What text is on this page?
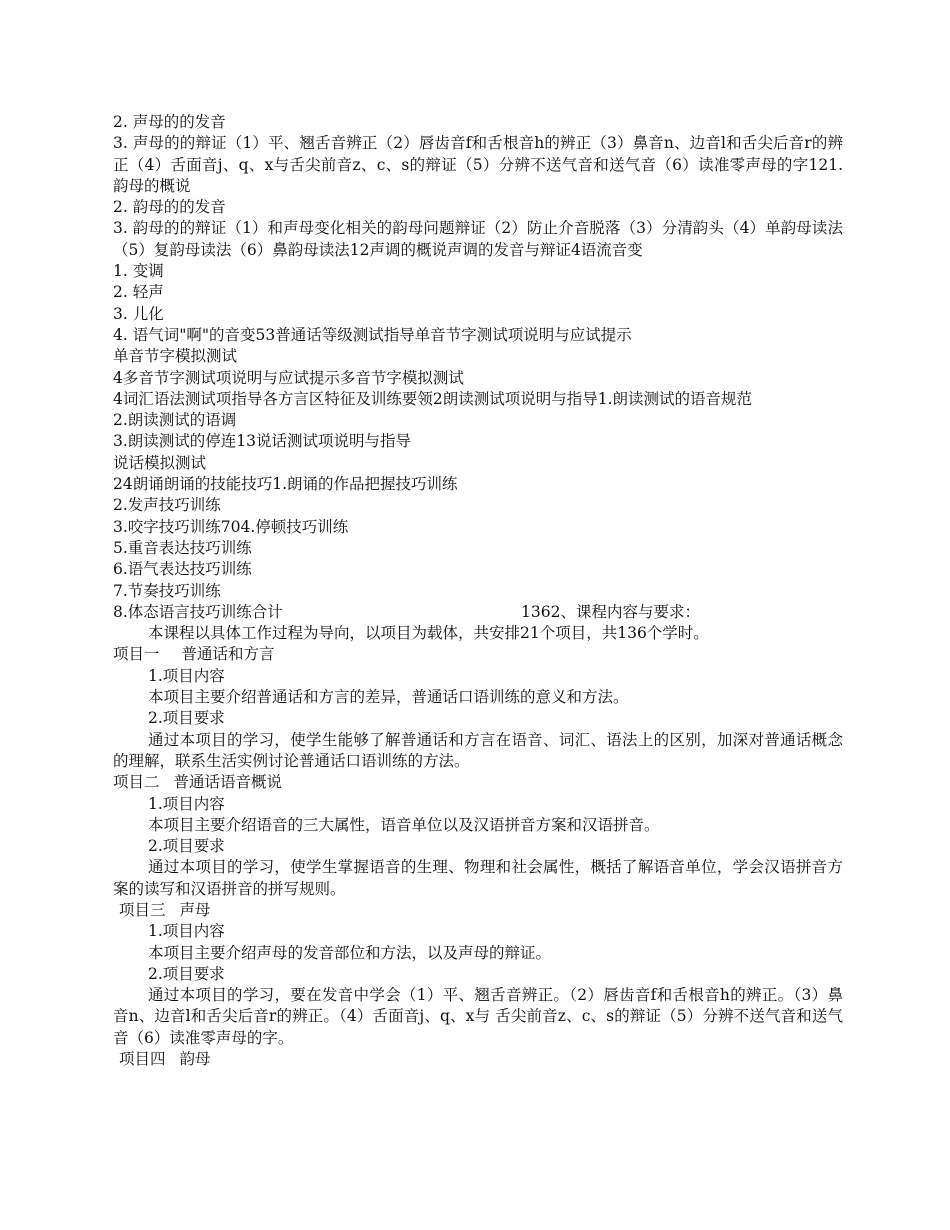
2. 声母的的发音
3. 声母的的辩证（1）平、翘舌音辨正（2）唇齿音f和舌根音h的辨正（3）鼻音n、边音l和舌尖后音r的辨正（4）舌面音j、q、x与舌尖前音z、c、s的辩证（5）分辨不送气音和送气音（6）读准零声母的字121. 韵母的概说
2. 韵母的的发音
3. 韵母的的辩证（1）和声母变化相关的韵母问题辩证（2）防止介音脱落（3）分清韵头（4）单韵母读法（5）复韵母读法（6）鼻韵母读法12声调的概说声调的发音与辩证4语流音变
1. 变调
2. 轻声
3. 儿化
4. 语气词"啊"的音变53普通话等级测试指导单音节字测试项说明与应试提示
单音节字模拟测试
4多音节字测试项说明与应试提示多音节字模拟测试
4词汇语法测试项指导各方言区特征及训练要领2朗读测试项说明与指导1.朗读测试的语音规范
2.朗读测试的语调
3.朗读测试的停连13说话测试项说明与指导
说话模拟测试
24朗诵朗诵的技能技巧1.朗诵的作品把握技巧训练
2.发声技巧训练
3.咬字技巧训练704.停顿技巧训练
5.重音表达技巧训练
6.语气表达技巧训练
7.节奏技巧训练
8.体态语言技巧训练合计	1362、课程内容与要求：
本课程以具体工作过程为导向，以项目为载体，共安排21个项目，共136个学时。
项目一 普通话和方言
1.项目内容
本项目主要介绍普通话和方言的差异，普通话口语训练的意义和方法。
2.项目要求
通过本项目的学习，使学生能够了解普通话和方言在语音、词汇、语法上的区别，加深对普通话概念的理解，联系生活实例讨论普通话口语训练的方法。
项目二 普通话语音概说
1.项目内容
本项目主要介绍语音的三大属性，语音单位以及汉语拼音方案和汉语拼音。
2.项目要求
通过本项目的学习，使学生掌握语音的生理、物理和社会属性，概括了解语音单位，学会汉语拼音方案的读写和汉语拼音的拼写规则。
项目三 声母
1.项目内容
本项目主要介绍声母的发音部位和方法，以及声母的辩证。
2.项目要求
通过本项目的学习，要在发音中学会（1）平、翘舌音辨正。（2）唇齿音f和舌根音h的辨正。（3）鼻音n、边音l和舌尖后音r的辨正。（4）舌面音j、q、x与 舌尖前音z、c、s的辩证（5）分辨不送气音和送气音（6）读准零声母的字。
项目四 韵母
